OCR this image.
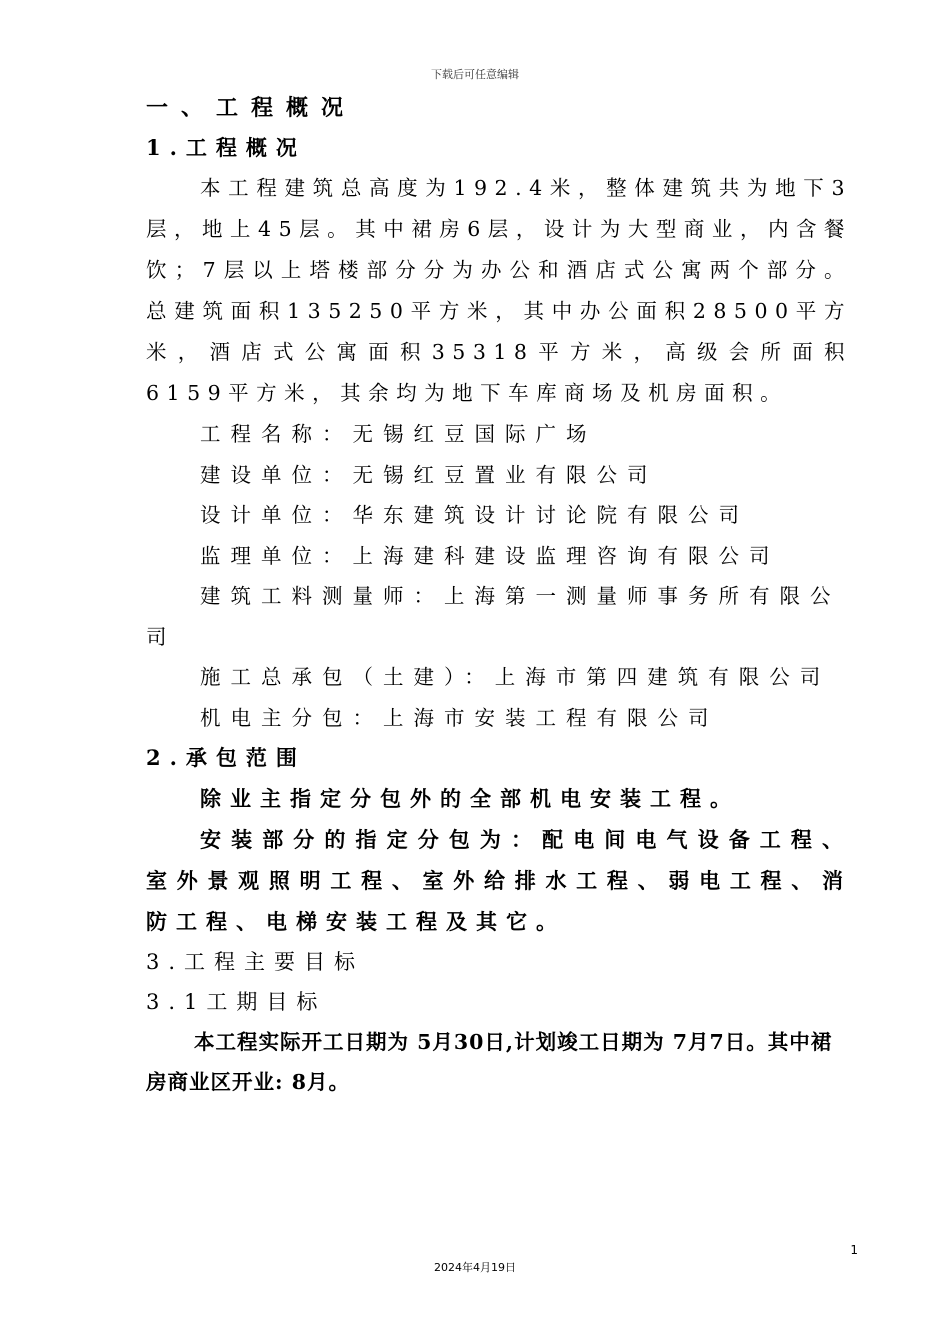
下载后可任意编辑

一、工程概况

1.工程概况

本工程建筑总高度为192.4米，整体建筑共为地下3层，地上45层。其中裙房6层，设计为大型商业，内含餐饮；7层以上塔楼部分分为办公和酒店式公寓两个部分。总建筑面积135250平方米，其中办公面积28500平方米，酒店式公寓面积35318平方米，高级会所面积6159平方米，其余均为地下车库商场及机房面积。

工程名称：无锡红豆国际广场

建设单位：无锡红豆置业有限公司

设计单位：华东建筑设计讨论院有限公司

监理单位：上海建科建设监理咨询有限公司

建筑工料测量师：上海第一测量师事务所有限公司

施工总承包（土建）：上海市第四建筑有限公司

机电主分包：上海市安装工程有限公司

2.承包范围

除业主指定分包外的全部机电安装工程。

安装部分的指定分包为：配电间电气设备工程、室外景观照明工程、室外给排水工程、弱电工程、消防工程、电梯安装工程及其它。

3.工程主要目标

3.1工期目标

本工程实际开工日期为 5月30日,计划竣工日期为 7月7日。其中裙房商业区开业: 8月。

1
2024年4月19日
